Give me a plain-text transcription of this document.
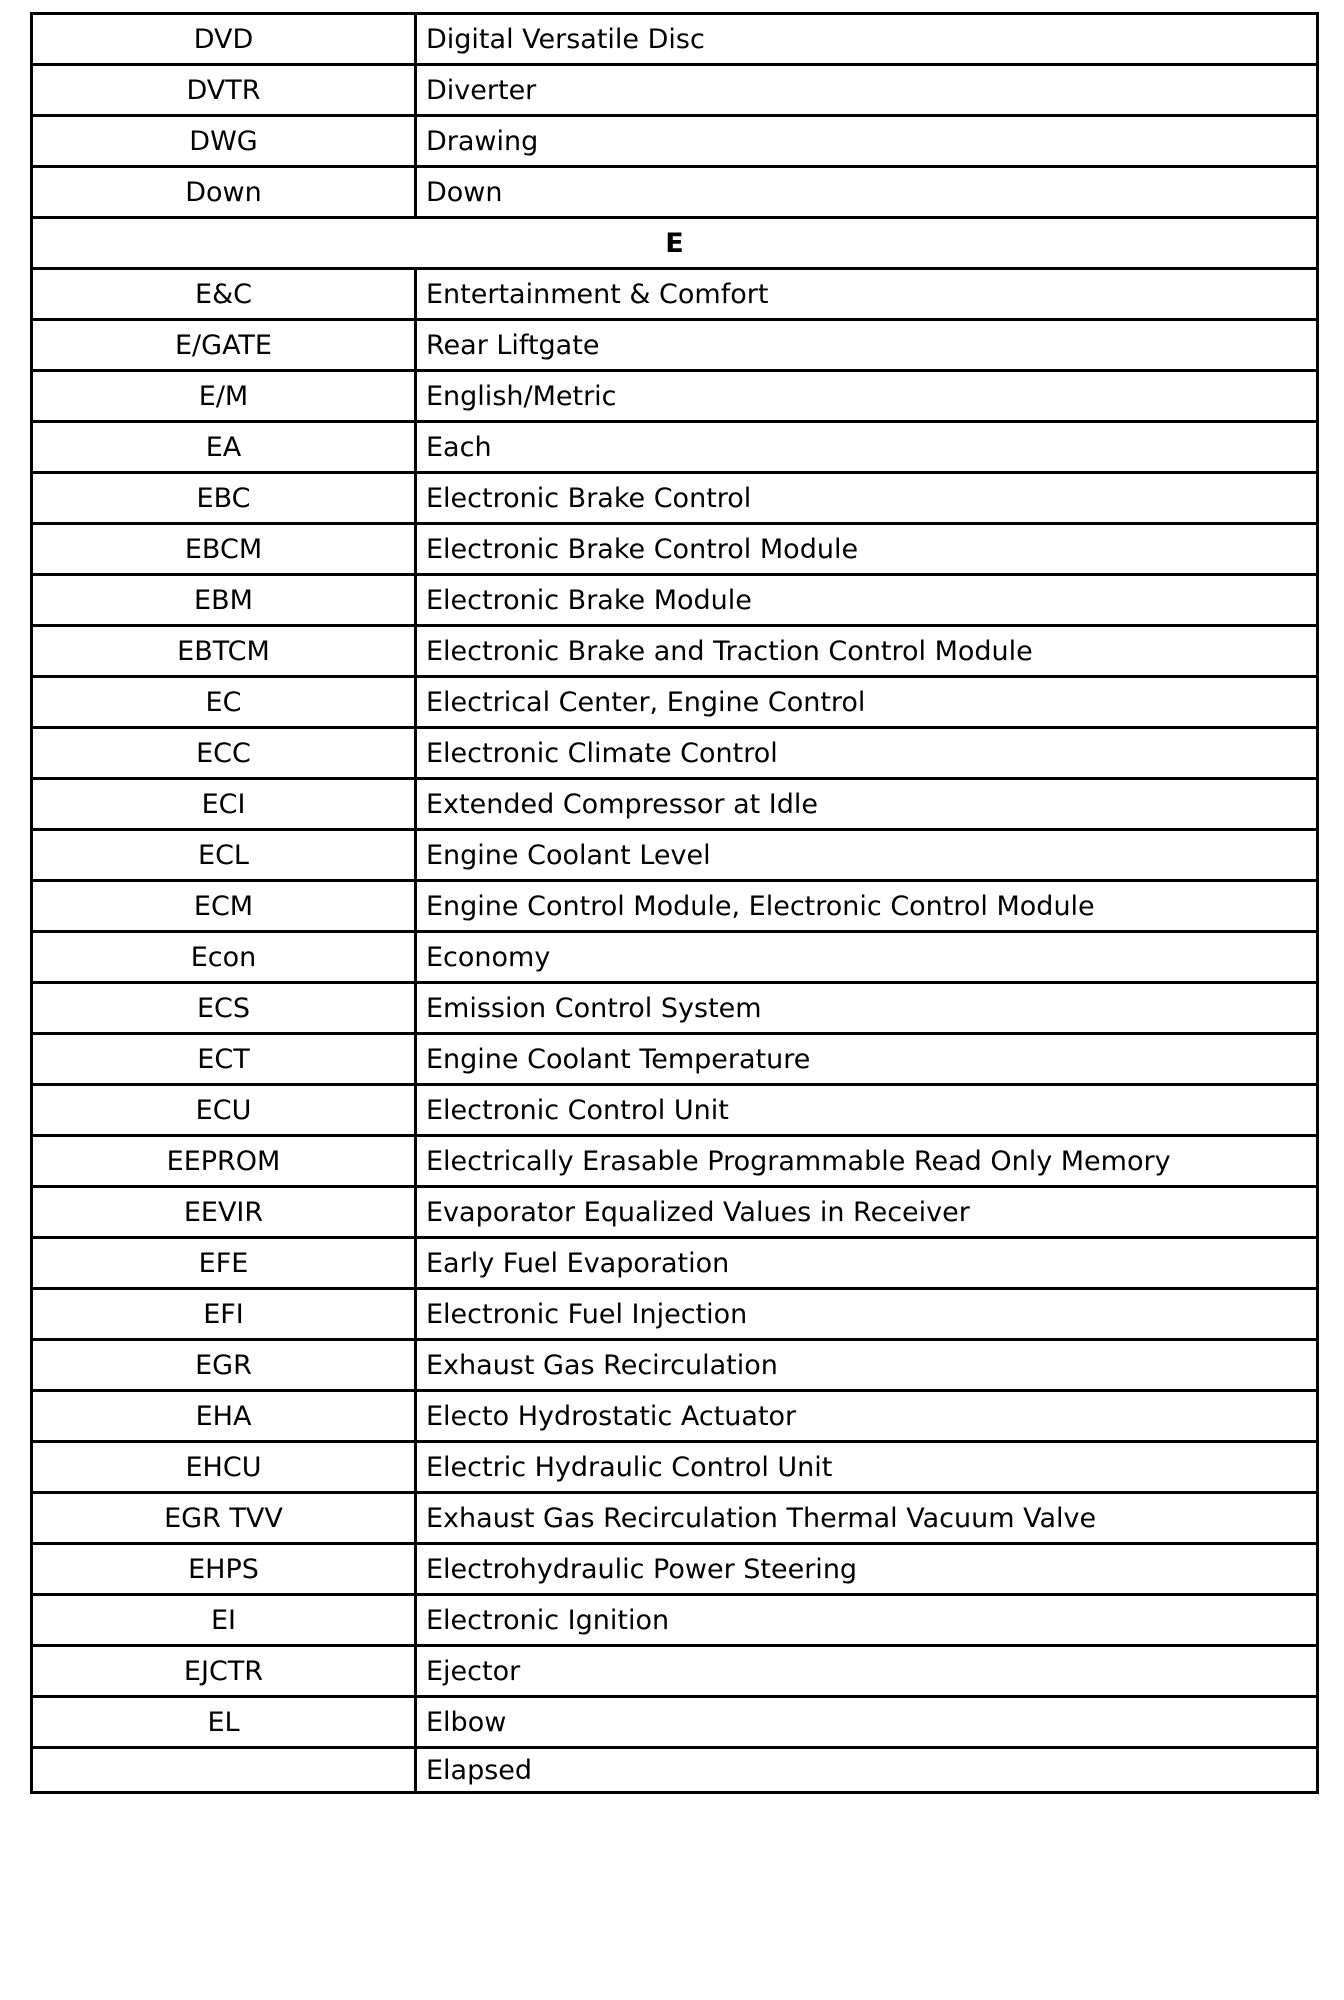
DVD	Digital Versatile Disc
DVTR	Diverter
DWG	Drawing
Down	Down
E	
E&C	Entertainment & Comfort
E/GATE	Rear Liftgate
E/M	English/Metric
EA	Each
EBC	Electronic Brake Control
EBCM	Electronic Brake Control Module
EBM	Electronic Brake Module
EBTCM	Electronic Brake and Traction Control Module
EC	Electrical Center, Engine Control
ECC	Electronic Climate Control
ECI	Extended Compressor at Idle
ECL	Engine Coolant Level
ECM	Engine Control Module, Electronic Control Module
Econ	Economy
ECS	Emission Control System
ECT	Engine Coolant Temperature
ECU	Electronic Control Unit
EEPROM	Electrically Erasable Programmable Read Only Memory
EEVIR	Evaporator Equalized Values in Receiver
EFE	Early Fuel Evaporation
EFI	Electronic Fuel Injection
EGR	Exhaust Gas Recirculation
EHA	Electo Hydrostatic Actuator
EHCU	Electric Hydraulic Control Unit
EGR TVV	Exhaust Gas Recirculation Thermal Vacuum Valve
EHPS	Electrohydraulic Power Steering
EI	Electronic Ignition
EJCTR	Ejector
EL	Elbow
	Elapsed
